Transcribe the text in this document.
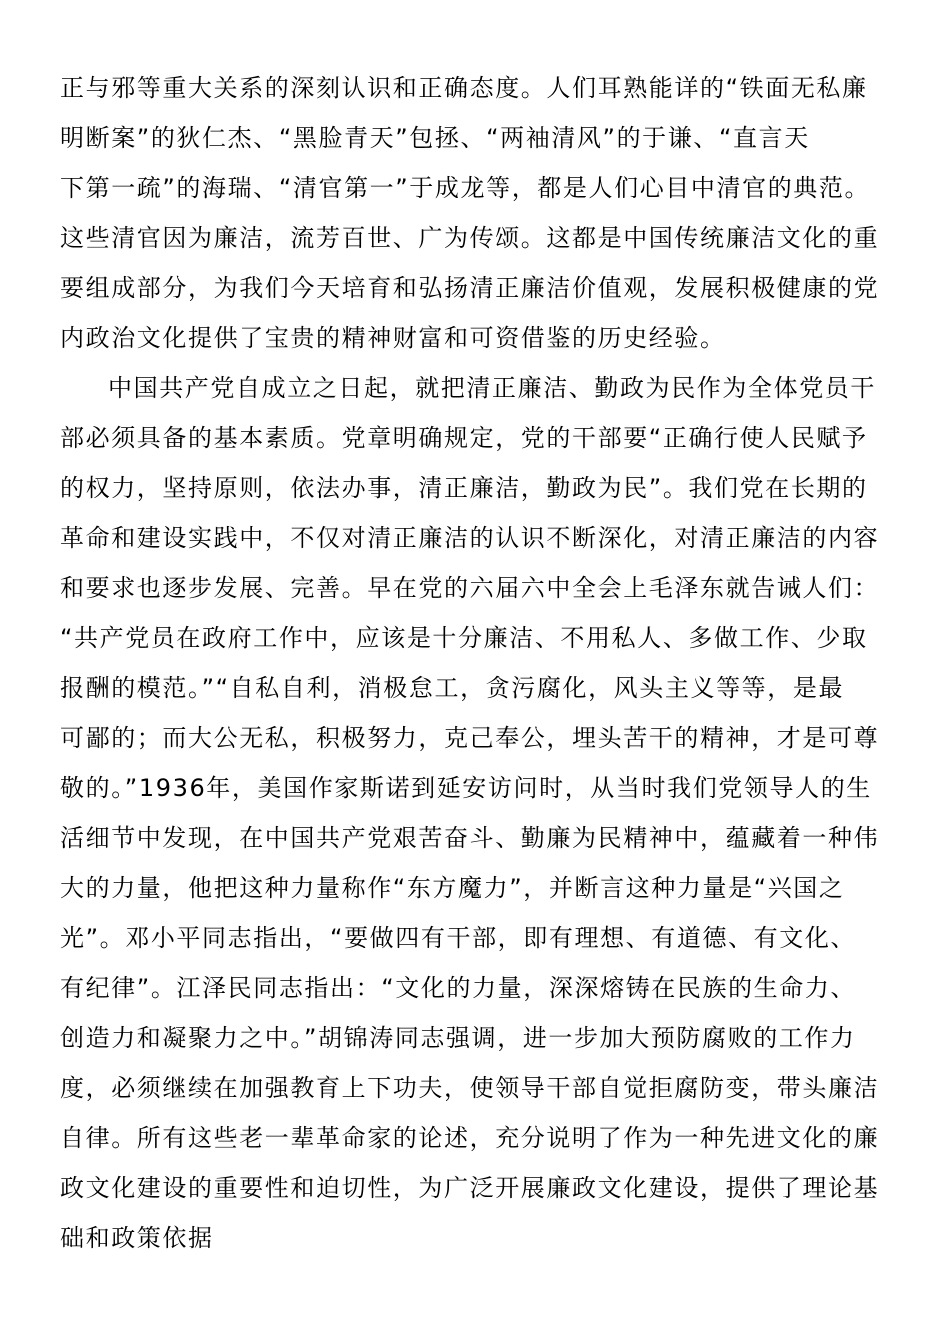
正与邪等重大关系的深刻认识和正确态度。人们耳熟能详的“铁面无私廉
明断案”的狄仁杰、“黑脸青天”包拯、“两袖清风”的于谦、“直言天
下第一疏”的海瑞、“清官第一”于成龙等，都是人们心目中清官的典范。
这些清官因为廉洁，流芳百世、广为传颂。这都是中国传统廉洁文化的重
要组成部分，为我们今天培育和弘扬清正廉洁价值观，发展积极健康的党
内政治文化提供了宝贵的精神财富和可资借鉴的历史经验。
中国共产党自成立之日起，就把清正廉洁、勤政为民作为全体党员干
部必须具备的基本素质。党章明确规定，党的干部要“正确行使人民赋予
的权力，坚持原则，依法办事，清正廉洁，勤政为民”。我们党在长期的
革命和建设实践中，不仅对清正廉洁的认识不断深化，对清正廉洁的内容
和要求也逐步发展、完善。早在党的六届六中全会上毛泽东就告诫人们：
“共产党员在政府工作中，应该是十分廉洁、不用私人、多做工作、少取
报酬的模范。”“自私自利，消极怠工，贪污腐化，风头主义等等，是最
可鄙的；而大公无私，积极努力，克己奉公，埋头苦干的精神，才是可尊
敬的。”1936年，美国作家斯诺到延安访问时，从当时我们党领导人的生
活细节中发现，在中国共产党艰苦奋斗、勤廉为民精神中，蕴藏着一种伟
大的力量，他把这种力量称作“东方魔力”，并断言这种力量是“兴国之
光”。邓小平同志指出，“要做四有干部，即有理想、有道德、有文化、
有纪律”。江泽民同志指出：“文化的力量，深深熔铸在民族的生命力、
创造力和凝聚力之中。”胡锦涛同志强调，进一步加大预防腐败的工作力
度，必须继续在加强教育上下功夫，使领导干部自觉拒腐防变，带头廉洁
自律。所有这些老一辈革命家的论述，充分说明了作为一种先进文化的廉
政文化建设的重要性和迫切性，为广泛开展廉政文化建设，提供了理论基
础和政策依据
